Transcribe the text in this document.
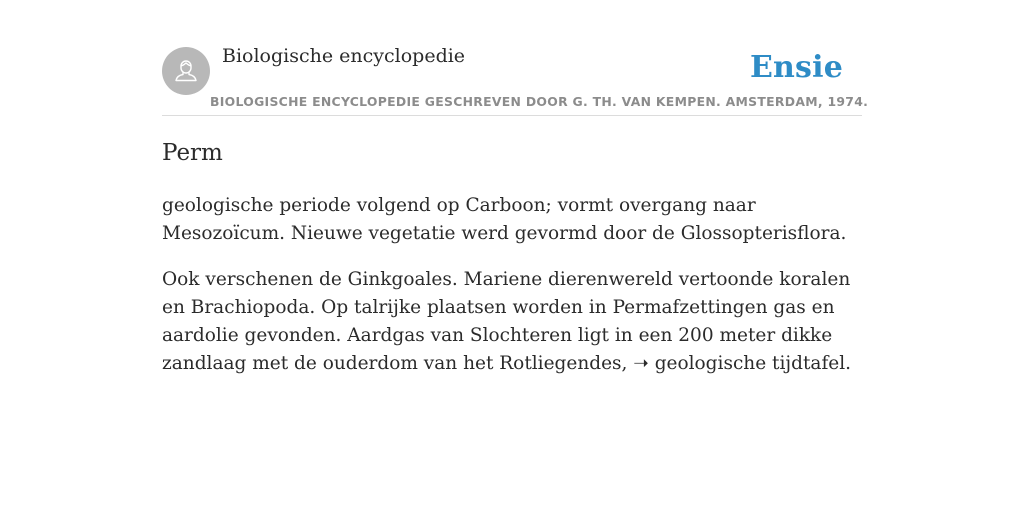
Biologische encyclopedie	Ensie
BIOLOGISCHE ENCYCLOPEDIE GESCHREVEN DOOR G. TH. VAN KEMPEN. AMSTERDAM, 1974.
Perm

geologische periode volgend op Carboon; vormt overgang naar Mesozoïcum. Nieuwe vegetatie werd gevormd door de Glossopterisflora.

Ook verschenen de Ginkgoales. Mariene dierenwereld vertoonde koralen en Brachiopoda. Op talrijke plaatsen worden in Permafzettingen gas en aardolie gevonden. Aardgas van Slochteren ligt in een 200 meter dikke zandlaag met de ouderdom van het Rotliegendes, ➝ geologische tijdtafel.
